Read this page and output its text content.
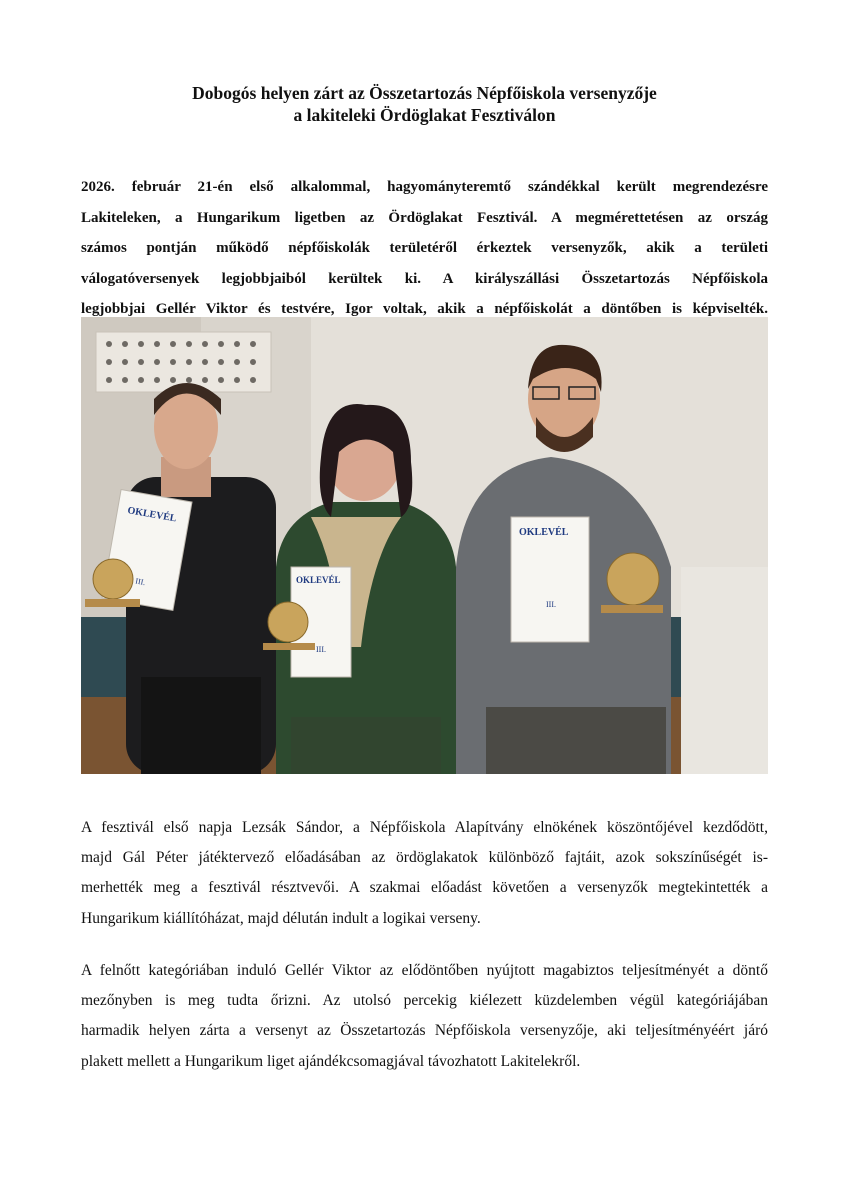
Dobogós helyen zárt az Összetartozás Népfőiskola versenyzője
a lakiteleki Ördöglakat Fesztiválon
2026. február 21-én első alkalommal, hagyományteremtő szándékkal került megrendezésre
Lakiteleken, a Hungarikum ligetben az Ördöglakat Fesztivál. A megmérettetésen az ország
számos pontján működő népfőiskolák területéről érkeztek versenyzők, akik a területi
válogatóversenyek legjobbjaiból kerültek ki. A királyszállási Összetartozás Népfőiskola
legjobbjai Gellér Viktor és testvére, Igor voltak, akik a népfőiskolát a döntőben is képviselték.
OKLEVÉL
III.	OKLEVÉL
III.
OKLEVÉL
III.
A fesztivál első napja Lezsák Sándor, a Népfőiskola Alapítvány elnökének köszöntőjével kezdődött,
majd Gál Péter játéktervező előadásában az ördöglakatok különböző fajtáit, azok sokszínűségét is-
merhették meg a fesztivál résztvevői. A szakmai előadást követően a versenyzők megtekintették a
Hungarikum kiállítóházat, majd délután indult a logikai verseny.
A felnőtt kategóriában induló Gellér Viktor az elődöntőben nyújtott magabiztos teljesítményét a döntő
mezőnyben is meg tudta őrizni. Az utolsó percekig kiélezett küzdelemben végül kategóriájában
harmadik helyen zárta a versenyt az Összetartozás Népfőiskola versenyzője, aki teljesítményéért járó
plakett mellett a Hungarikum liget ajándékcsomagjával távozhatott Lakitelekről.
